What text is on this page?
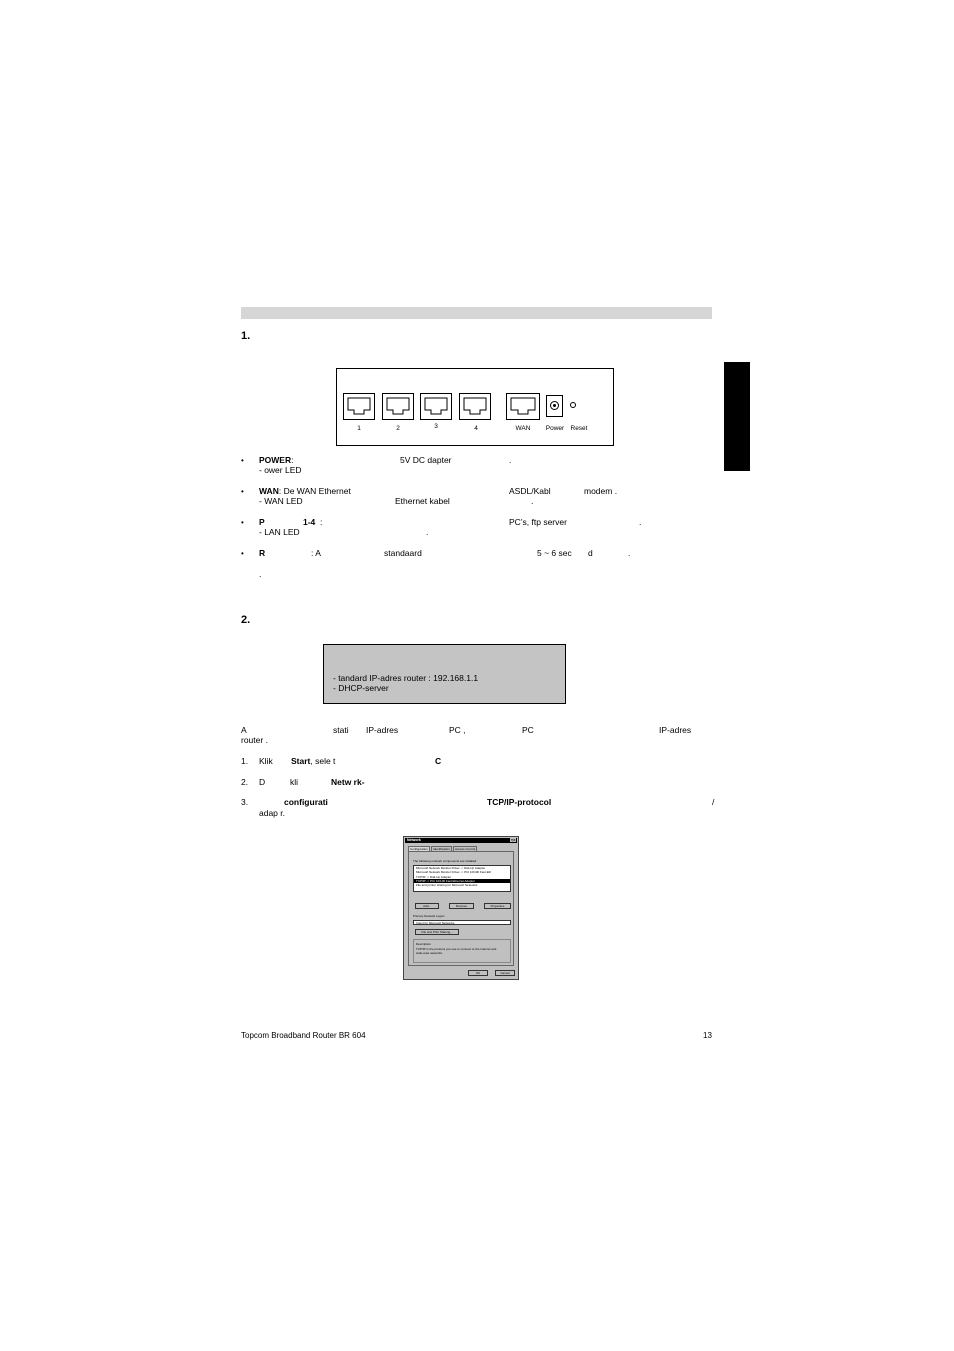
1.
1	2	3	4	WAN	Power Reset
• POWER:	5V DC dapter	.
- ower LED
• WAN: De WAN Ethernet	ASDL/Kabl	modem .
- WAN LED	Ethernet kabel	.
• P	1-4 :	PC’s, ftp server	.
- LAN LED	.
• R	: A	standaard	5 ~ 6 sec d	.
.
2.
- tandard IP-adres router : 192.168.1.1
- DHCP-server
A	stati IP-adres	PC ,	PC	IP-adres
router .
1. Klik Start, sele t	C
2. D	kli	Netw rk-
3.	configurati	TCP/IP-protocol	/
adap r.
Network	?|X
Configuration	Identification	Access Control
The following network components are installed:
Microsoft Network Monitor Driver -> Dial-Up Adapter
Microsoft Network Monitor Driver -> PCI 10/100 Fast Eth
TCP/IP -> Dial-Up Adapter
TCP/IP -> PCI 10/100 Fast Ethernet Adapter
File and printer sharing for Microsoft Networks
Add...	Remove	Properties
Primary Network Logon:
Client for Microsoft Networks
File and Print Sharing...
Description
TCP/IP is the protocol you use to connect to the Internet and
wide-area networks.
OK	Cancel
Topcom Broadband Router BR 604	13
